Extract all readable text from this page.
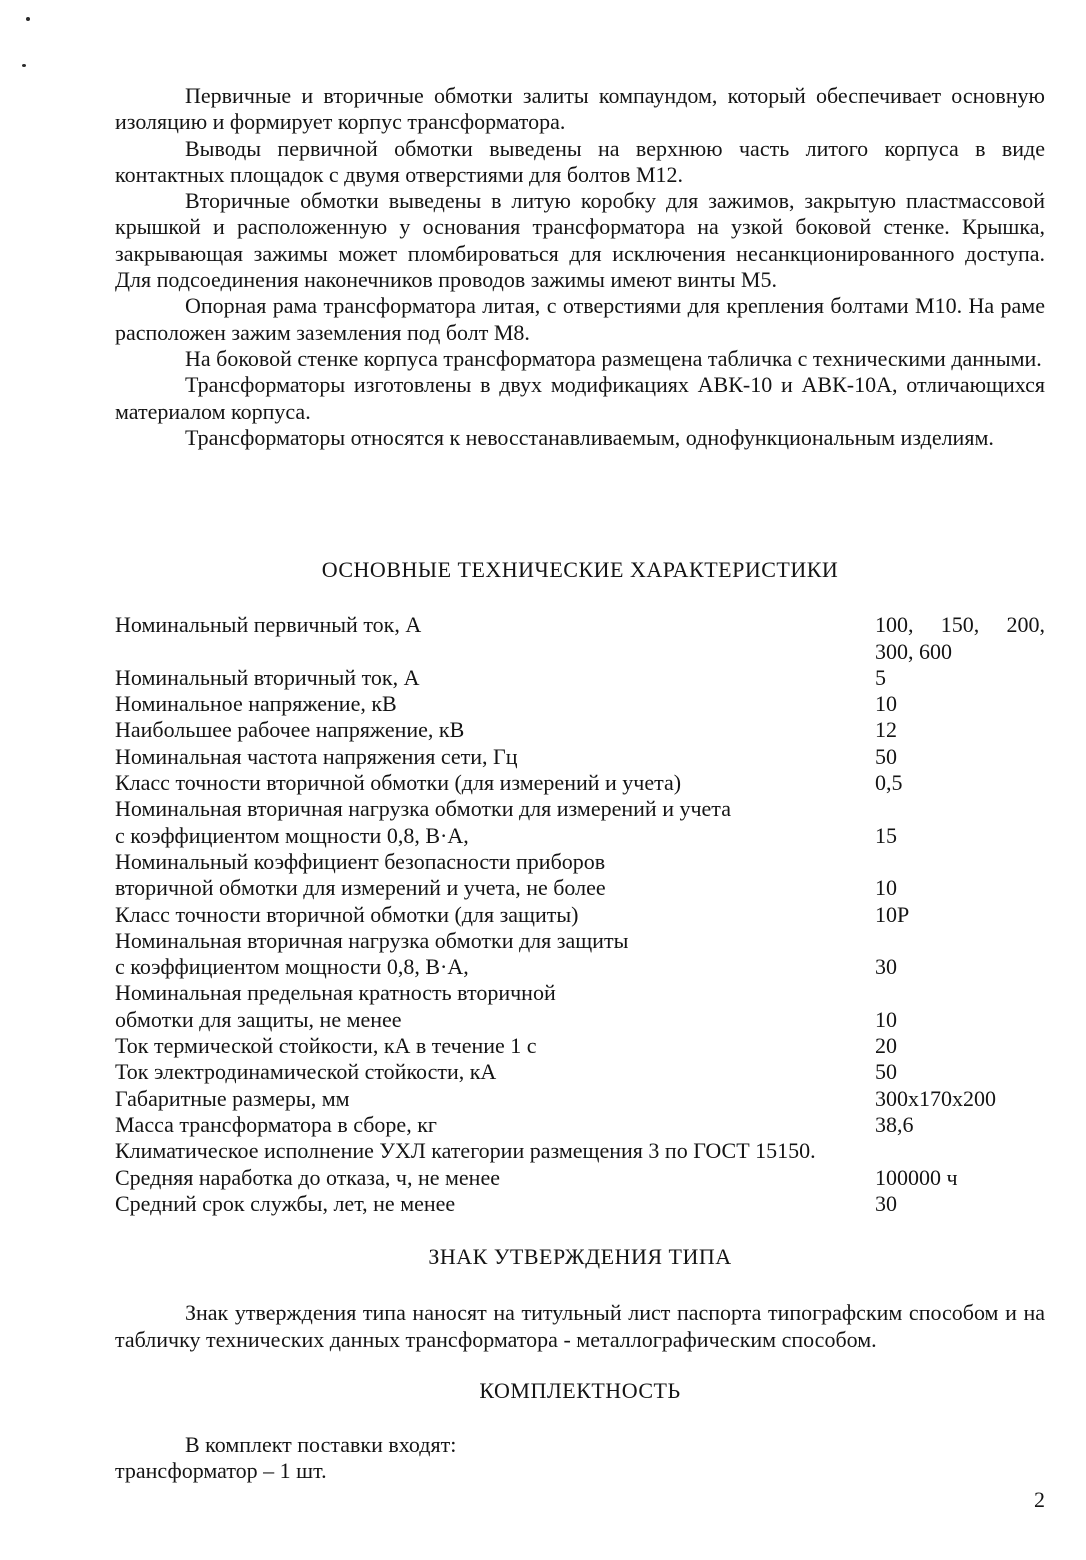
Первичные и вторичные обмотки залиты компаундом, который обеспечивает основную изоляцию и формирует корпус трансформатора.

Выводы первичной обмотки выведены на верхнюю часть литого корпуса в виде контактных площадок с двумя отверстиями для болтов М12.

Вторичные обмотки выведены в литую коробку для зажимов, закрытую пластмассовой крышкой и расположенную у основания трансформатора на узкой боковой стенке. Крышка, закрывающая зажимы может пломбироваться для исключения несанкционированного доступа. Для подсоединения наконечников проводов зажимы имеют винты М5.

Опорная рама трансформатора литая, с отверстиями для крепления болтами М10. На раме расположен зажим заземления под болт М8.

На боковой стенке корпуса трансформатора размещена табличка с техническими данными.

Трансформаторы изготовлены в двух модификациях АВК-10 и АВК-10А, отличающихся материалом корпуса.

Трансформаторы относятся к невосстанавливаемым, однофункциональным изделиям.

ОСНОВНЫЕ ТЕХНИЧЕСКИЕ ХАРАКТЕРИСТИКИ
Номинальный первичный ток, А	100, 150, 200,
300, 600
Номинальный вторичный ток, А	5
Номинальное напряжение, кВ	10
Наибольшее рабочее напряжение, кВ	12
Номинальная частота напряжения сети, Гц	50
Класс точности вторичной обмотки (для измерений и учета)	0,5
Номинальная вторичная нагрузка обмотки для измерений и учета
с коэффициентом мощности 0,8, В·А,	15
Номинальный коэффициент безопасности приборов
вторичной обмотки для измерений и учета, не более	10
Класс точности вторичной обмотки (для защиты)	10Р
Номинальная вторичная нагрузка обмотки для защиты
с коэффициентом мощности 0,8, В·А,	30
Номинальная предельная кратность вторичной
обмотки для защиты, не менее	10
Ток термической стойкости, кА в течение 1 с	20
Ток электродинамической стойкости, кА	50
Габаритные размеры, мм	300х170х200
Масса трансформатора в сборе, кг	38,6
Климатическое исполнение УХЛ категории размещения 3 по ГОСТ 15150.
Средняя наработка до отказа, ч, не менее	100000 ч
Средний срок службы, лет, не менее	30
ЗНАК УТВЕРЖДЕНИЯ ТИПА

Знак утверждения типа наносят на титульный лист паспорта типографским способом и на табличку технических данных трансформатора - металлографическим способом.

КОМПЛЕКТНОСТЬ

В комплект поставки входят:

трансформатор – 1 шт.

2
